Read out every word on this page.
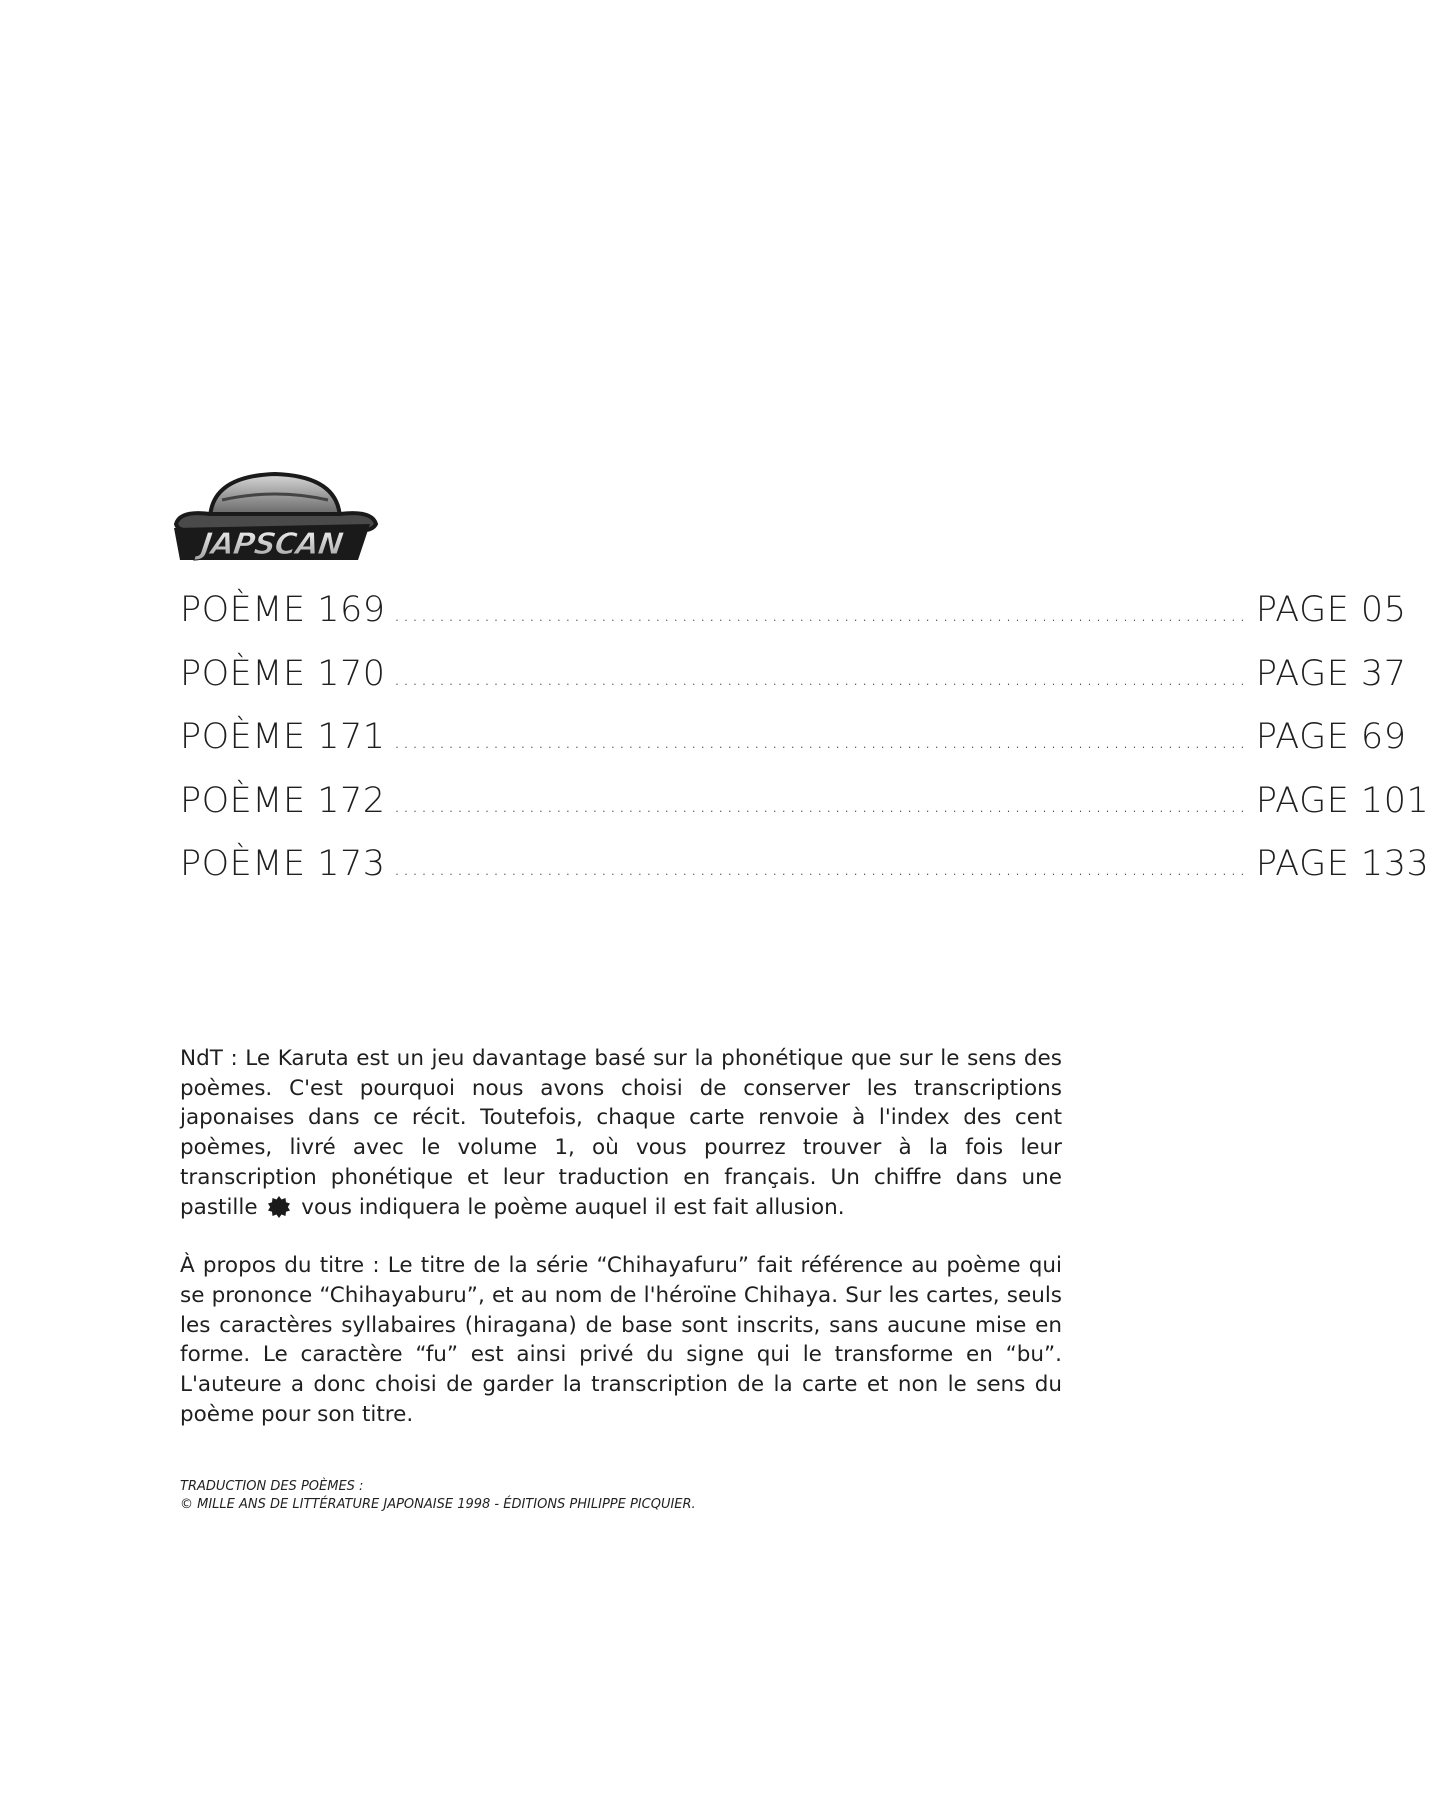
JAPSCAN
POÈME 169 ............................................................................................... PAGE 05
POÈME 170 ............................................................................................... PAGE 37
POÈME 171 ............................................................................................... PAGE 69
POÈME 172 ............................................................................................... PAGE 101
POÈME 173 ............................................................................................... PAGE 133

NdT : Le Karuta est un jeu davantage basé sur la phonétique que sur le sens des poèmes. C'est pourquoi nous avons choisi de conserver les transcriptions japonaises dans ce récit. Toutefois, chaque carte renvoie à l'index des cent poèmes, livré avec le volume 1, où vous pourrez trouver à la fois leur transcription phonétique et leur traduction en français. Un chiffre dans une pastille vous indiquera le poème auquel il est fait allusion.

À propos du titre : Le titre de la série “Chihayafuru” fait référence au poème qui se prononce “Chihayaburu”, et au nom de l'héroïne Chihaya. Sur les cartes, seuls les caractères syllabaires (hiragana) de base sont inscrits, sans aucune mise en forme. Le caractère “fu” est ainsi privé du signe qui le transforme en “bu”. L'auteure a donc choisi de garder la transcription de la carte et non le sens du poème pour son titre.

TRADUCTION DES POÈMES :
© MILLE ANS DE LITTÉRATURE JAPONAISE 1998 - ÉDITIONS PHILIPPE PICQUIER.
